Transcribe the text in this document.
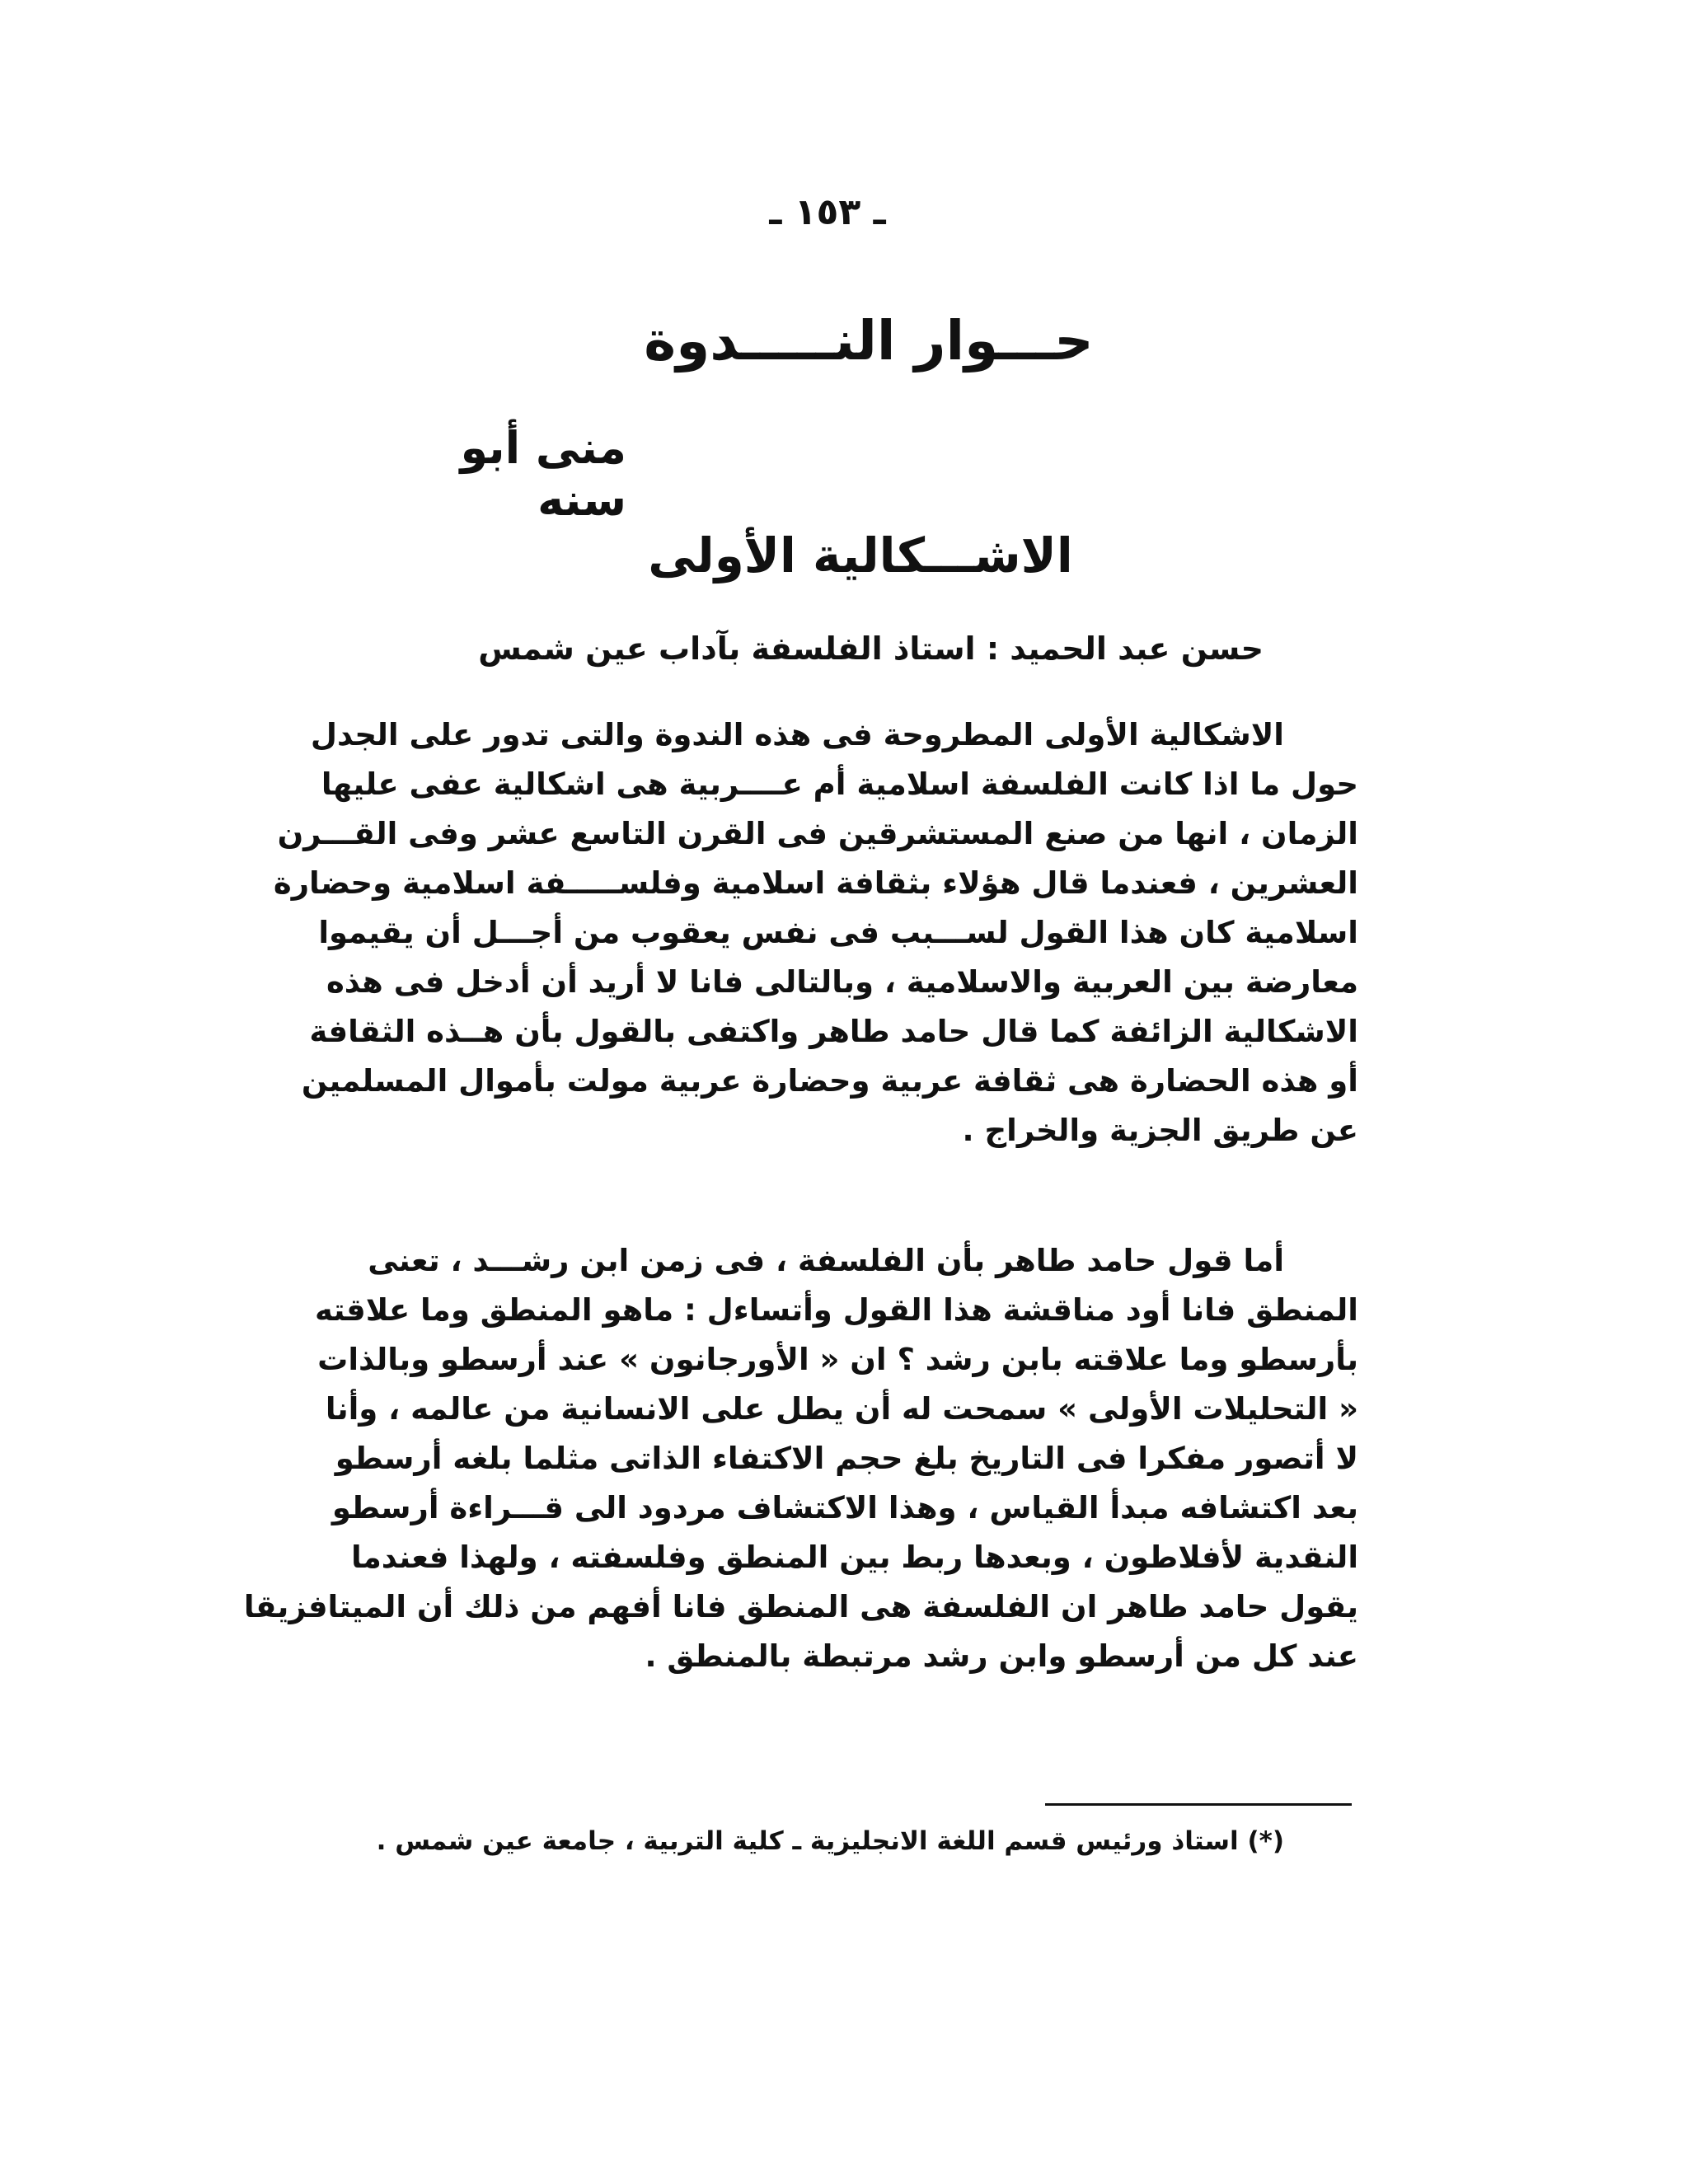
ـ ١٥٣ ـ
حـــوار النـــــدوة
منى أبو سنه
الاشـــكالية الأولى
حسن عبد الحميد : استاذ الفلسفة بآداب عين شمس
الاشكالية الأولى المطروحة فى هذه الندوة والتى تدور على الجدل
حول ما اذا كانت الفلسفة اسلامية أم عــــربية هى اشكالية عفى عليها
الزمان ، انها من صنع المستشرقين فى القرن التاسع عشر وفى القـــرن
العشرين ، فعندما قال هؤلاء بثقافة اسلامية وفلســـــفة اسلامية وحضارة
اسلامية كان هذا القول لســـبب فى نفس يعقوب من أجـــل أن يقيموا
معارضة بين العربية والاسلامية ، وبالتالى فانا لا أريد أن أدخل فى هذه
الاشكالية الزائفة كما قال حامد طاهر واكتفى بالقول بأن هــذه الثقافة
أو هذه الحضارة هى ثقافة عربية وحضارة عربية مولت بأموال المسلمين
عن طريق الجزية والخراج .
أما قول حامد طاهر بأن الفلسفة ، فى زمن ابن رشـــد ، تعنى
المنطق فانا أود مناقشة هذا القول وأتساءل : ماهو المنطق وما علاقته
بأرسطو وما علاقته بابن رشد ؟ ان « الأورجانون » عند أرسطو وبالذات
« التحليلات الأولى » سمحت له أن يطل على الانسانية من عالمه ، وأنا
لا أتصور مفكرا فى التاريخ بلغ حجم الاكتفاء الذاتى مثلما بلغه أرسطو
بعد اكتشافه مبدأ القياس ، وهذا الاكتشاف مردود الى قـــراءة أرسطو
النقدية لأفلاطون ، وبعدها ربط بين المنطق وفلسفته ، ولهذا فعندما
يقول حامد طاهر ان الفلسفة هى المنطق فانا أفهم من ذلك أن الميتافزيقا
عند كل من أرسطو وابن رشد مرتبطة بالمنطق .
(*) استاذ ورئيس قسم اللغة الانجليزية ـ كلية التربية ، جامعة عين شمس .
